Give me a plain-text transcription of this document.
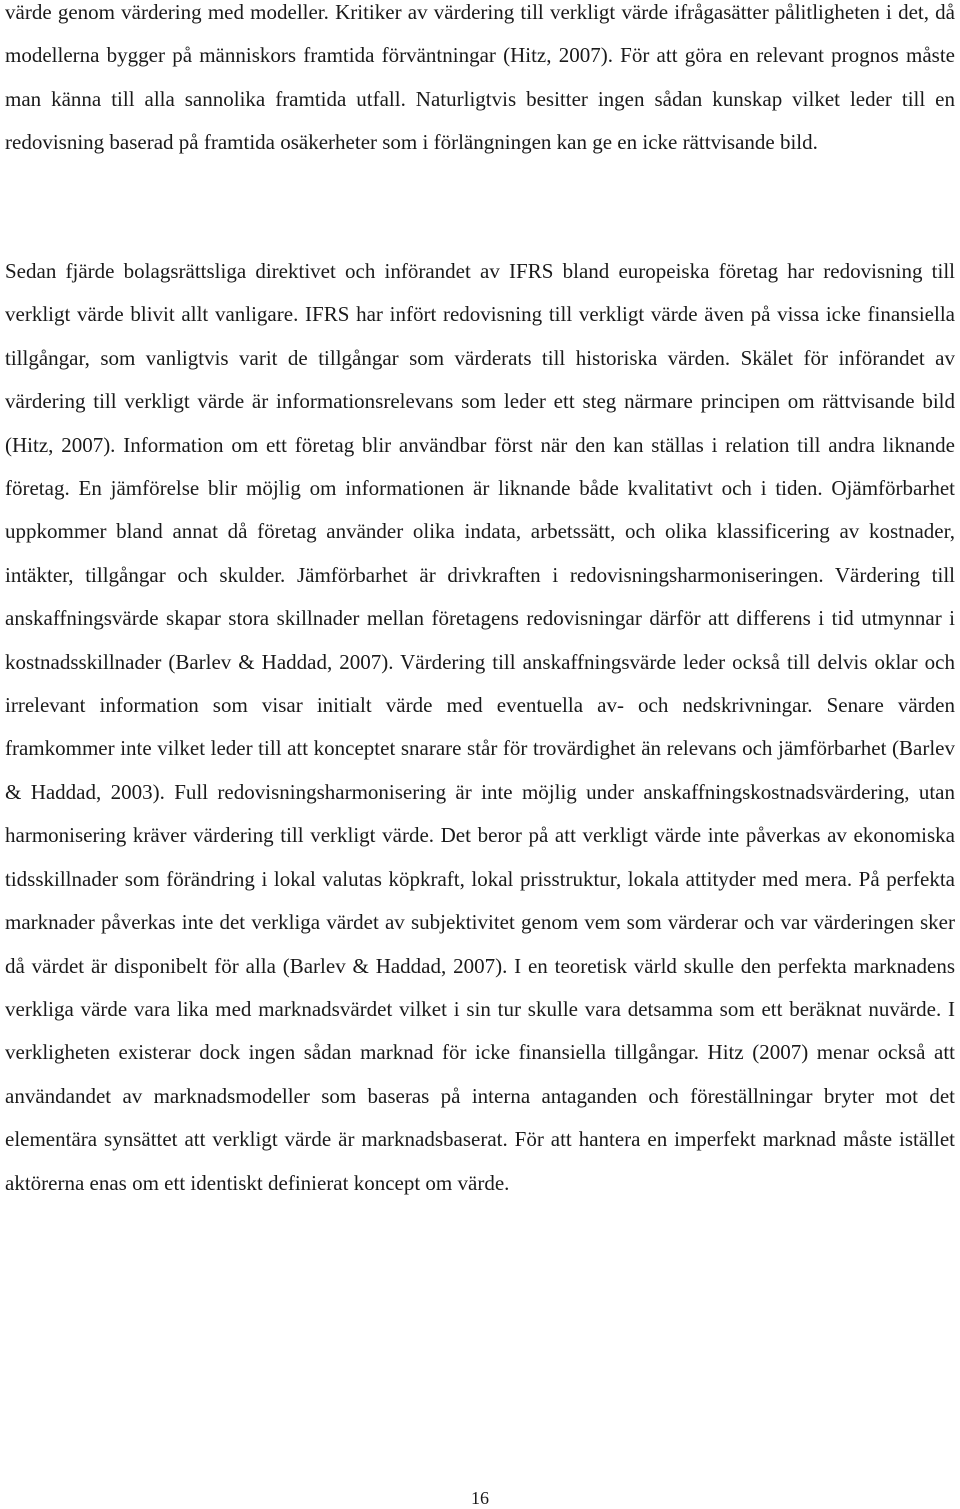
värde genom värdering med modeller. Kritiker av värdering till verkligt värde ifrågasätter pålitligheten i det, då modellerna bygger på människors framtida förväntningar (Hitz, 2007). För att göra en relevant prognos måste man känna till alla sannolika framtida utfall. Naturligtvis besitter ingen sådan kunskap vilket leder till en redovisning baserad på framtida osäkerheter som i förlängningen kan ge en icke rättvisande bild.

Sedan fjärde bolagsrättsliga direktivet och införandet av IFRS bland europeiska företag har redovisning till verkligt värde blivit allt vanligare. IFRS har infört redovisning till verkligt värde även på vissa icke finansiella tillgångar, som vanligtvis varit de tillgångar som värderats till historiska värden. Skälet för införandet av värdering till verkligt värde är informationsrelevans som leder ett steg närmare principen om rättvisande bild (Hitz, 2007). Information om ett företag blir användbar först när den kan ställas i relation till andra liknande företag. En jämförelse blir möjlig om informationen är liknande både kvalitativt och i tiden. Ojämförbarhet uppkommer bland annat då företag använder olika indata, arbetssätt, och olika klassificering av kostnader, intäkter, tillgångar och skulder. Jämförbarhet är drivkraften i redovisningsharmoniseringen. Värdering till anskaffningsvärde skapar stora skillnader mellan företagens redovisningar därför att differens i tid utmynnar i kostnadsskillnader (Barlev & Haddad, 2007). Värdering till anskaffningsvärde leder också till delvis oklar och irrelevant information som visar initialt värde med eventuella av- och nedskrivningar. Senare värden framkommer inte vilket leder till att konceptet snarare står för trovärdighet än relevans och jämförbarhet (Barlev & Haddad, 2003). Full redovisningsharmonisering är inte möjlig under anskaffningskostnadsvärdering, utan harmonisering kräver värdering till verkligt värde. Det beror på att verkligt värde inte påverkas av ekonomiska tidsskillnader som förändring i lokal valutas köpkraft, lokal prisstruktur, lokala attityder med mera. På perfekta marknader påverkas inte det verkliga värdet av subjektivitet genom vem som värderar och var värderingen sker då värdet är disponibelt för alla (Barlev & Haddad, 2007). I en teoretisk värld skulle den perfekta marknadens verkliga värde vara lika med marknadsvärdet vilket i sin tur skulle vara detsamma som ett beräknat nuvärde. I verkligheten existerar dock ingen sådan marknad för icke finansiella tillgångar. Hitz (2007) menar också att användandet av marknadsmodeller som baseras på interna antaganden och föreställningar bryter mot det elementära synsättet att verkligt värde är marknadsbaserat. För att hantera en imperfekt marknad måste istället aktörerna enas om ett identiskt definierat koncept om värde.

16
